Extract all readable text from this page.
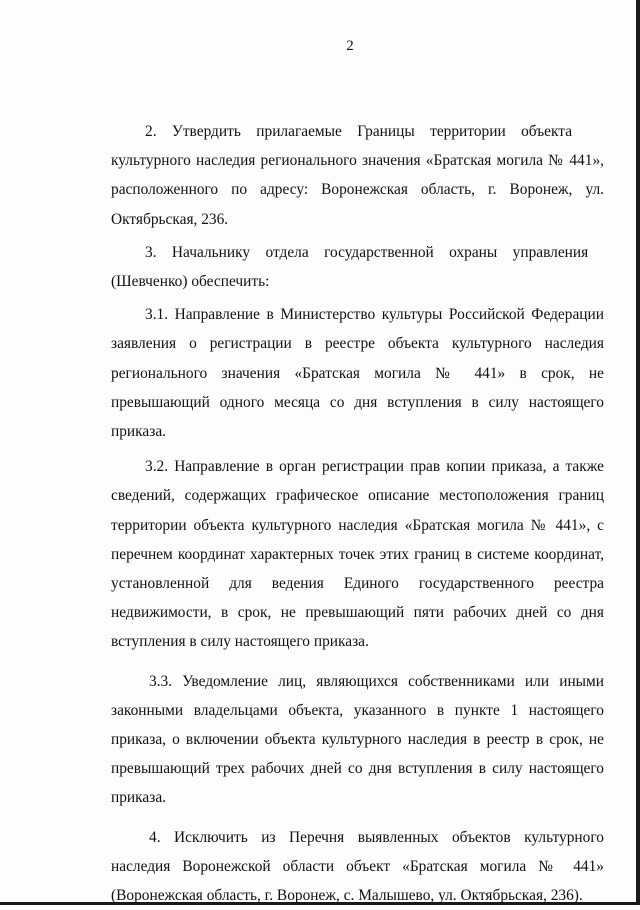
2

2. Утвердить прилагаемые Границы территории объекта культурного наследия регионального значения «Братская могила № 441», расположенного по адресу: Воронежская область, г. Воронеж, ул. Октябрьская, 236.

3. Начальнику отдела государственной охраны управления (Шевченко) обеспечить:

3.1. Направление в Министерство культуры Российской Федерации заявления о регистрации в реестре объекта культурного наследия регионального значения «Братская могила № 441» в срок, не превышающий одного месяца со дня вступления в силу настоящего приказа.

3.2. Направление в орган регистрации прав копии приказа, а также сведений, содержащих графическое описание местоположения границ территории объекта культурного наследия «Братская могила № 441», с перечнем координат характерных точек этих границ в системе координат, установленной для ведения Единого государственного реестра недвижимости, в срок, не превышающий пяти рабочих дней со дня вступления в силу настоящего приказа.

3.3. Уведомление лиц, являющихся собственниками или иными законными владельцами объекта, указанного в пункте 1 настоящего приказа, о включении объекта культурного наследия в реестр в срок, не превышающий трех рабочих дней со дня вступления в силу настоящего приказа.

4. Исключить из Перечня выявленных объектов культурного наследия Воронежской области объект «Братская могила № 441» (Воронежская область, г. Воронеж, с. Малышево, ул. Октябрьская, 236).
